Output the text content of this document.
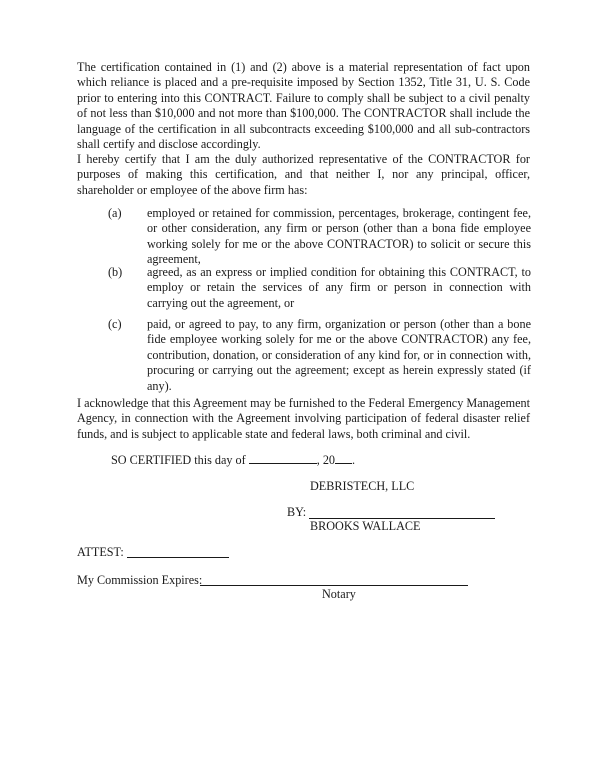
The certification contained in (1) and (2) above is a material representation of fact upon which reliance is placed and a pre-requisite imposed by Section 1352, Title 31, U. S. Code prior to entering into this CONTRACT. Failure to comply shall be subject to a civil penalty of not less than $10,000 and not more than $100,000. The CONTRACTOR shall include the language of the certification in all subcontracts exceeding $100,000 and all sub-contractors shall certify and disclose accordingly.

I hereby certify that I am the duly authorized representative of the CONTRACTOR for purposes of making this certification, and that neither I, nor any principal, officer, shareholder or employee of the above firm has:

(a)	employed or retained for commission, percentages, brokerage, contingent fee, or other consideration, any firm or person (other than a bona fide employee working solely for me or the above CONTRACTOR) to solicit or secure this agreement,

(b)	agreed, as an express or implied condition for obtaining this CONTRACT, to employ or retain the services of any firm or person in connection with carrying out the agreement, or

(c)	paid, or agreed to pay, to any firm, organization or person (other than a bone fide employee working solely for me or the above CONTRACTOR) any fee, contribution, donation, or consideration of any kind for, or in connection with, procuring or carrying out the agreement; except as herein expressly stated (if any).

I acknowledge that this Agreement may be furnished to the Federal Emergency Management Agency, in connection with the Agreement involving participation of federal disaster relief funds, and is subject to applicable state and federal laws, both criminal and civil.

SO CERTIFIED this day of	, 20 .
DEBRISTECH, LLC
BY:
BROOKS WALLACE
ATTEST:
My Commission Expires:
Notary
